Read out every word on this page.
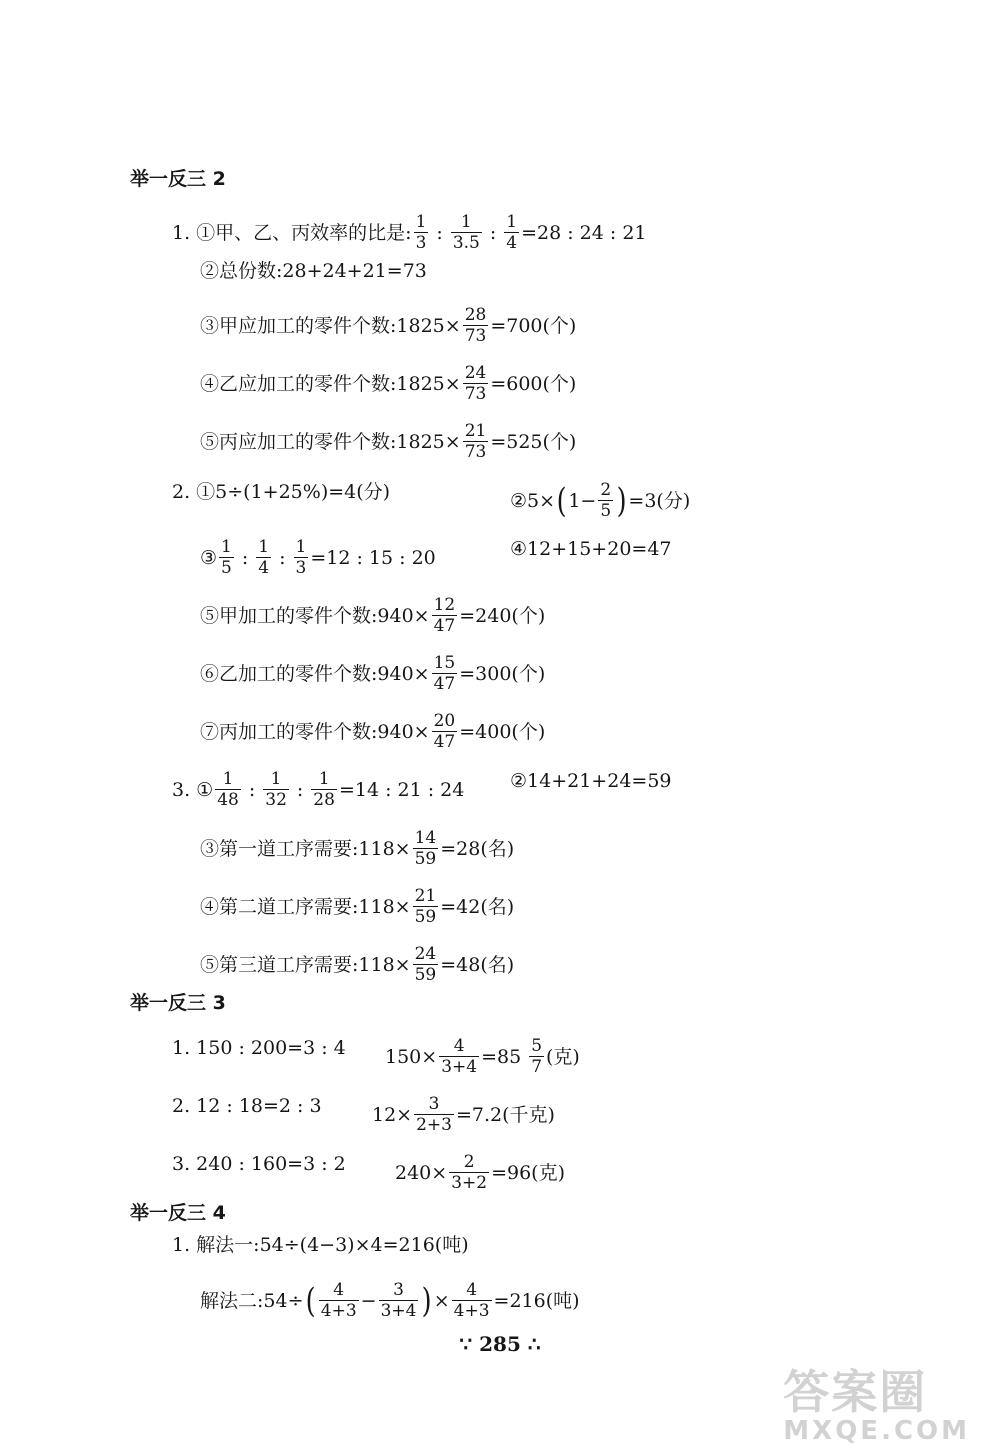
举一反三 2
1. ①甲、乙、丙效率的比是: $\frac{1}{3}$ : $\frac{1}{3.5}$ : $\frac{1}{4} =28$ : 24 : 21
②总份数:28+24+21=73
③甲应加工的零件个数:1825× $\frac{28}{73} =700$(个)
④乙应加工的零件个数:1825× $\frac{24}{73} =600$(个)
⑤丙应加工的零件个数:1825× $\frac{21}{73} =525$(个)
2. ①5÷(1+25%)=4(分)	②5× ( $1- \frac{2}{5}$ ) =3(分)
③ $\frac{1}{5}$ : $\frac{1}{4}$ : $\frac{1}{3} =12$ : 15 : 20	④12+15+20=47
⑤甲加工的零件个数:940× $\frac{12}{47} =240$(个)
⑥乙加工的零件个数:940× $\frac{15}{47} =300$(个)
⑦丙加工的零件个数:940× $\frac{20}{47} =400$(个)
3. ① $\frac{1}{48}$ : $\frac{1}{32}$ : $\frac{1}{28} =14$ : 21 : 24 ②14+21+24=59
③第一道工序需要:118× $\frac{14}{59} =28$(名)
④第二道工序需要:118× $\frac{21}{59} =42$(名)
⑤第三道工序需要:118× $\frac{24}{59} =48$(名)
举一反三 3
1. 150 : 200=3 : 4 $150\times \frac{4}{3+4} =85 \frac{5}{7}$ (克)
2. 12 : 18=2 : 3	$12\times \frac{3}{2+3} =7.2$(千克)
3. 240 : 160=3 : 2	$240\times \frac{2}{3+2} =96$(克)
举一反三 4
1. 解法一:54÷(4−3)×4=216(吨)
解法二:54÷ ( $\frac{4}{4+3} - \frac{3}{3+4}$ ) × $\frac{4}{4+3} =216$(吨)
∵ 285 ∴
答案圈
MXQE.COM
